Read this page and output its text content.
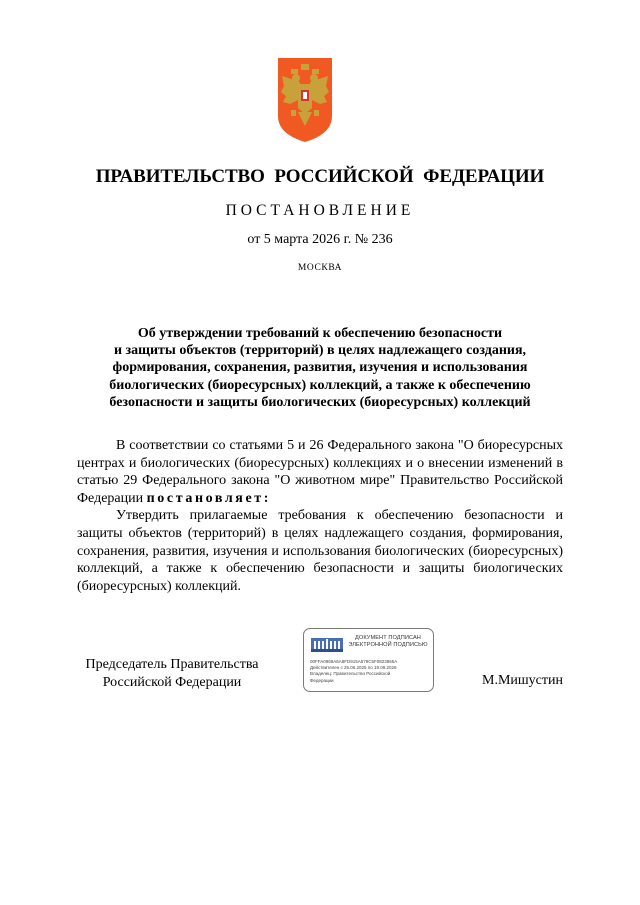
ПРАВИТЕЛЬСТВО РОССИЙСКОЙ ФЕДЕРАЦИИ
ПОСТАНОВЛЕНИЕ
от 5 марта 2026 г. № 236
МОСКВА
Об утверждении требований к обеспечению безопасности
и защиты объектов (территорий) в целях надлежащего создания,
формирования, сохранения, развития, изучения и использования
биологических (биоресурсных) коллекций, а также к обеспечению
безопасности и защиты биологических (биоресурсных) коллекций

В соответствии со статьями 5 и 26 Федерального закона "О биоресурсных центрах и биологических (биоресурсных) коллекциях и о внесении изменений в статью 29 Федерального закона "О животном мире" Правительство Российской Федерации постановляет:

Утвердить прилагаемые требования к обеспечению безопасности и защиты объектов (территорий) в целях надлежащего создания, формирования, сохранения, развития, изучения и использования биологических (биоресурсных) коллекций, а также к обеспечению безопасности и защиты биологических (биоресурсных) коллекций.

Председатель Правительства
Российской Федерации
ДОКУМЕНТ ПОДПИСАН
ЭЛЕКТРОННОЙ ПОДПИСЬЮ
00FFA0969A6A8FD915A579C5F0823865A
Действителен с 26.06.2025 по 19.09.2026
Владелец: Правительство Российской
Федерации	М.Мишустин
